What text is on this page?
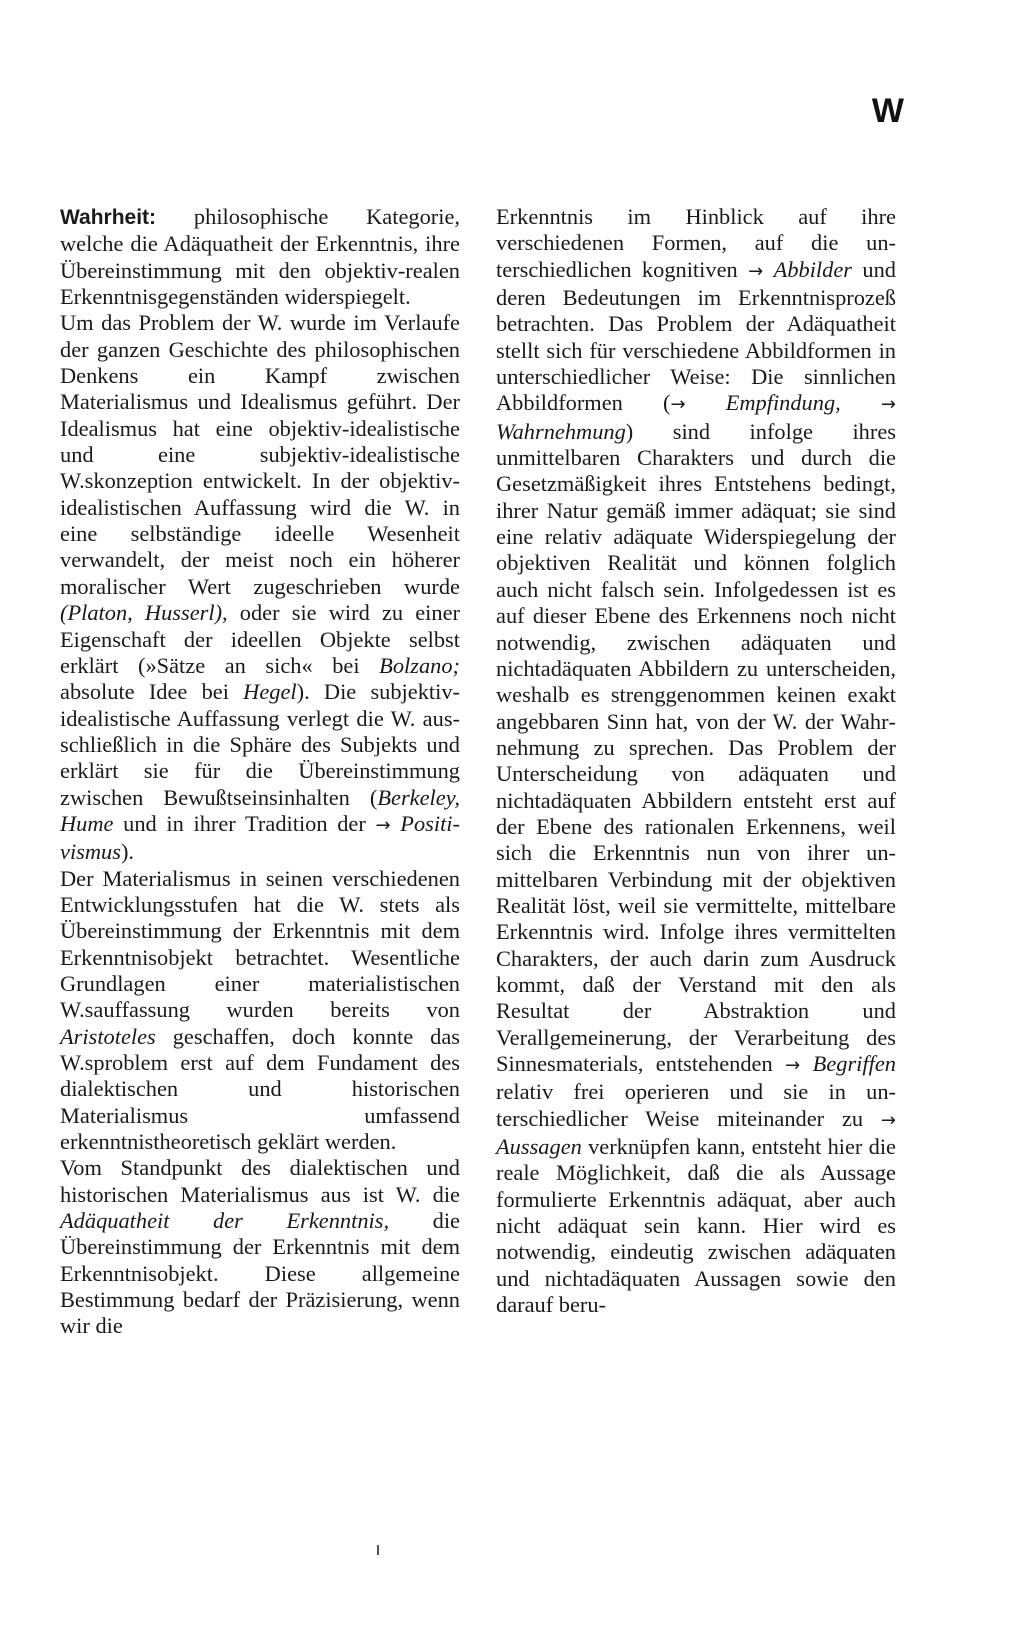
W

Wahrheit: philosophische Kategorie, welche die Adäquatheit der Erkenntnis, ihre Übereinstimmung mit den objektiv-realen Erkenntnisgegenständen widerspiegelt.

Um das Problem der W. wurde im Verlaufe der ganzen Geschichte des philosophischen Denkens ein Kampf zwischen Materialismus und Idealismus geführt. Der Idealismus hat eine objektiv-idealistische und eine subjektiv-idealistische W.skonzeption entwickelt. In der objektiv-idealistischen Auffassung wird die W. in eine selbständige ideelle Wesenheit verwandelt, der meist noch ein höherer moralischer Wert zugeschrieben wurde (Platon, Husserl), oder sie wird zu einer Eigenschaft der ideellen Objekte selbst erklärt (»Sätze an sich« bei Bolzano; absolute Idee bei Hegel). Die subjektiv-idealistische Auffassung verlegt die W. ausschließlich in die Sphäre des Subjekts und erklärt sie für die Übereinstimmung zwischen Bewußtseinsinhalten (Berkeley, Hume und in ihrer Tradition der → Positivismus).

Der Materialismus in seinen verschiedenen Entwicklungsstufen hat die W. stets als Übereinstimmung der Erkenntnis mit dem Erkenntnisobjekt betrachtet. Wesentliche Grundlagen einer materialistischen W.sauffassung wurden bereits von Aristoteles geschaffen, doch konnte das W.sproblem erst auf dem Fundament des dialektischen und historischen Materialismus umfassend erkenntnistheoretisch geklärt werden.

Vom Standpunkt des dialektischen und historischen Materialismus aus ist W. die Adäquatheit der Erkenntnis, die Übereinstimmung der Erkenntnis mit dem Erkenntnisobjekt. Diese allgemeine Bestimmung bedarf der Präzisierung, wenn wir die

Erkenntnis im Hinblick auf ihre verschiedenen Formen, auf die unterschiedlichen kognitiven → Abbilder und deren Bedeutungen im Erkenntnisprozeß betrachten. Das Problem der Adäquatheit stellt sich für verschiedene Abbildformen in unterschiedlicher Weise: Die sinnlichen Abbildformen (→ Empfindung, → Wahrnehmung) sind infolge ihres unmittelbaren Charakters und durch die Gesetzmäßigkeit ihres Entstehens bedingt, ihrer Natur gemäß immer adäquat; sie sind eine relativ adäquate Widerspiegelung der objektiven Realität und können folglich auch nicht falsch sein. Infolgedessen ist es auf dieser Ebene des Erkennens noch nicht notwendig, zwischen adäquaten und nichtadäquaten Abbildern zu unterscheiden, weshalb es strenggenommen keinen exakt angebbaren Sinn hat, von der W. der Wahrnehmung zu sprechen. Das Problem der Unterscheidung von adäquaten und nichtadäquaten Abbildern entsteht erst auf der Ebene des rationalen Erkennens, weil sich die Erkenntnis nun von ihrer unmittelbaren Verbindung mit der objektiven Realität löst, weil sie vermittelte, mittelbare Erkenntnis wird. Infolge ihres vermittelten Charakters, der auch darin zum Ausdruck kommt, daß der Verstand mit den als Resultat der Abstraktion und Verallgemeinerung, der Verarbeitung des Sinnesmaterials, entstehenden → Begriffen relativ frei operieren und sie in unterschiedlicher Weise miteinander zu → Aussagen verknüpfen kann, entsteht hier die reale Möglichkeit, daß die als Aussage formulierte Erkenntnis adäquat, aber auch nicht adäquat sein kann. Hier wird es notwendig, eindeutig zwischen adäquaten und nichtadäquaten Aussagen sowie den darauf beru-
